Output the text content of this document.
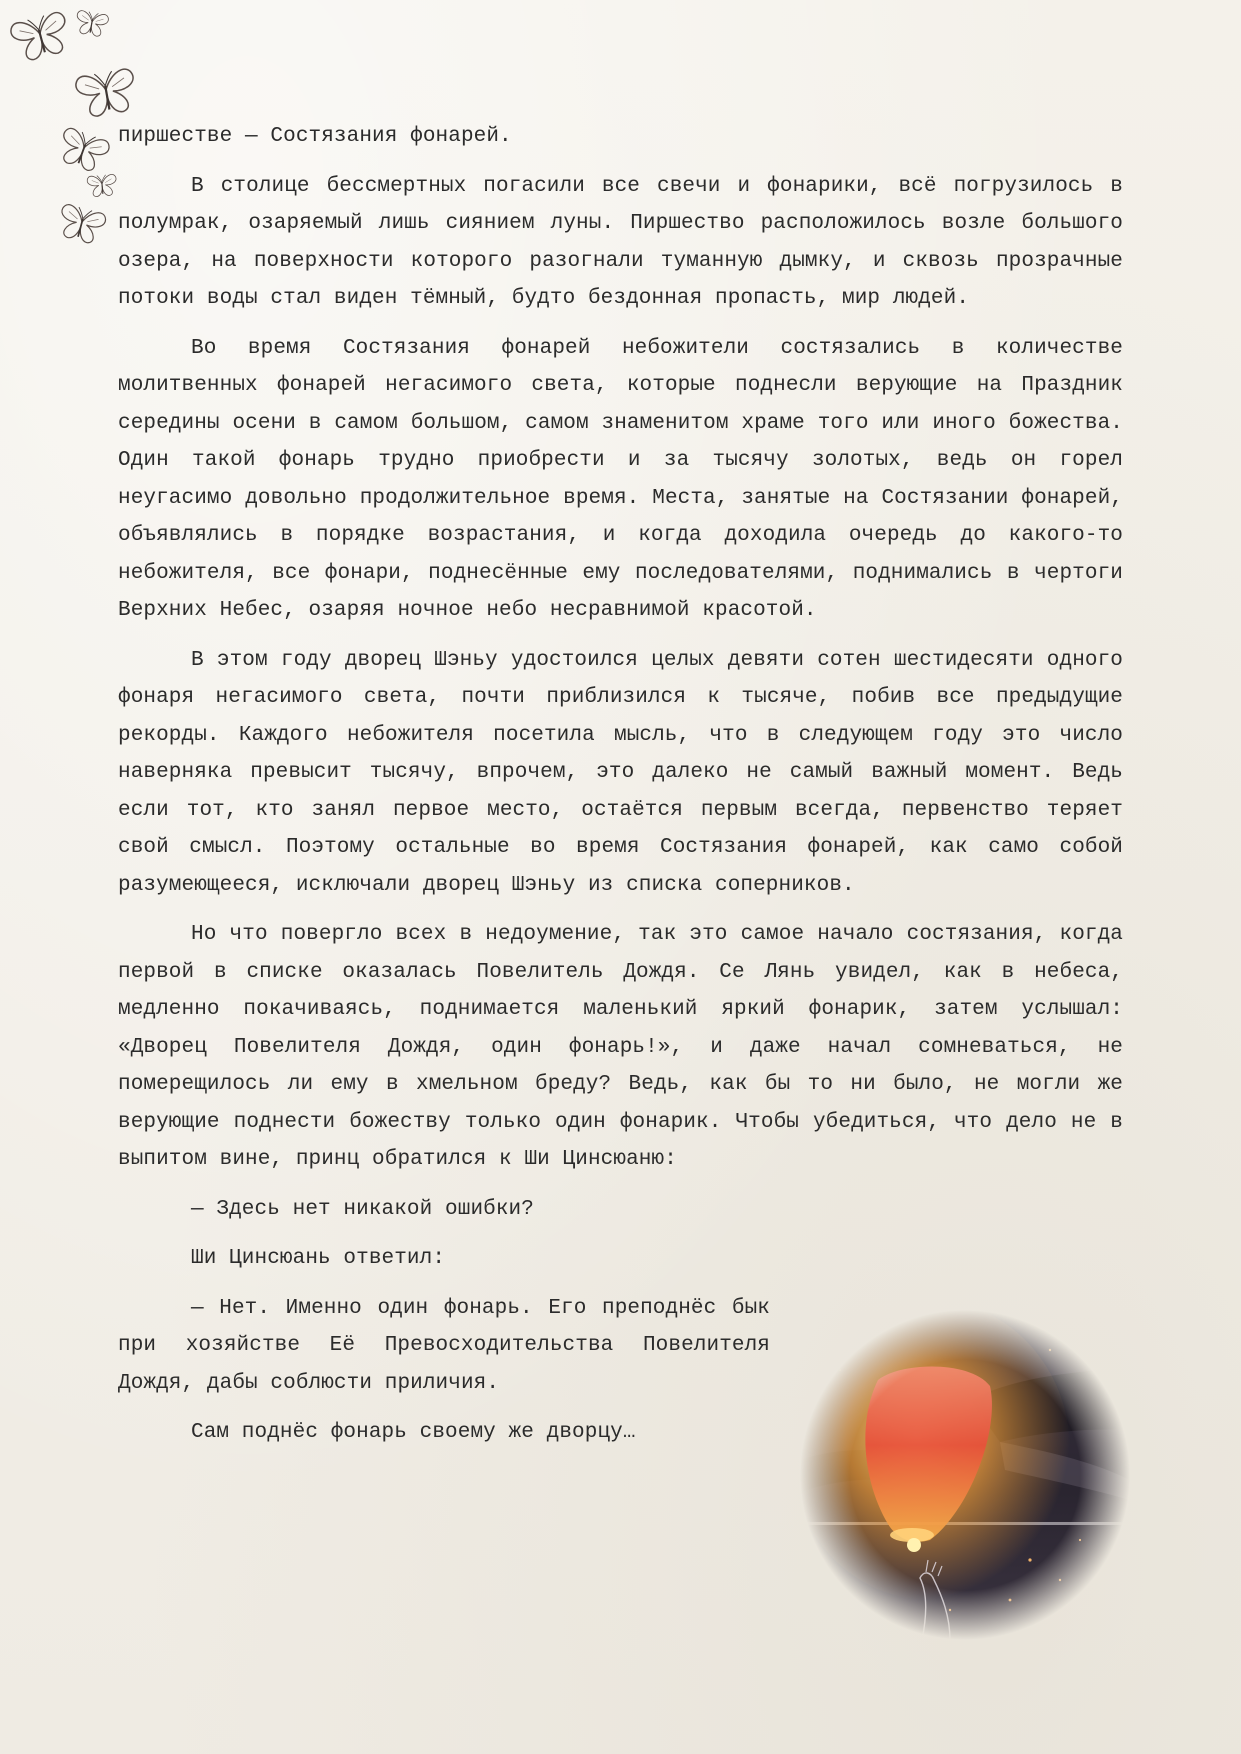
пиршестве — Состязания фонарей.

В столице бессмертных погасили все свечи и фонарики, всё погрузилось в полумрак, озаряемый лишь сиянием луны. Пиршество расположилось возле большого озера, на поверхности которого разогнали туманную дымку, и сквозь прозрачные потоки воды стал виден тёмный, будто бездонная пропасть, мир людей.

Во время Состязания фонарей небожители состязались в количестве молитвенных фонарей негасимого света, которые поднесли верующие на Праздник середины осени в самом большом, самом знаменитом храме того или иного божества. Один такой фонарь трудно приобрести и за тысячу золотых, ведь он горел неугасимо довольно продолжительное время. Места, занятые на Состязании фонарей, объявлялись в порядке возрастания, и когда доходила очередь до какого-то небожителя, все фонари, поднесённые ему последователями, поднимались в чертоги Верхних Небес, озаряя ночное небо несравнимой красотой.

В этом году дворец Шэньу удостоился целых девяти сотен шестидесяти одного фонаря негасимого света, почти приблизился к тысяче, побив все предыдущие рекорды. Каждого небожителя посетила мысль, что в следующем году это число наверняка превысит тысячу, впрочем, это далеко не самый важный момент. Ведь если тот, кто занял первое место, остаётся первым всегда, первенство теряет свой смысл. Поэтому остальные во время Состязания фонарей, как само собой разумеющееся, исключали дворец Шэньу из списка соперников.

Но что повергло всех в недоумение, так это самое начало состязания, когда первой в списке оказалась Повелитель Дождя. Се Лянь увидел, как в небеса, медленно покачиваясь, поднимается маленький яркий фонарик, затем услышал: «Дворец Повелителя Дождя, один фонарь!», и даже начал сомневаться, не померещилось ли ему в хмельном бреду? Ведь, как бы то ни было, не могли же верующие поднести божеству только один фонарик. Чтобы убедиться, что дело не в выпитом вине, принц обратился к Ши Цинсюаню:

— Здесь нет никакой ошибки?

Ши Цинсюань ответил:

— Нет. Именно один фонарь. Его преподнёс бык при хозяйстве Её Превосходительства Повелителя Дождя, дабы соблюсти приличия.

Сам поднёс фонарь своему же дворцу…
